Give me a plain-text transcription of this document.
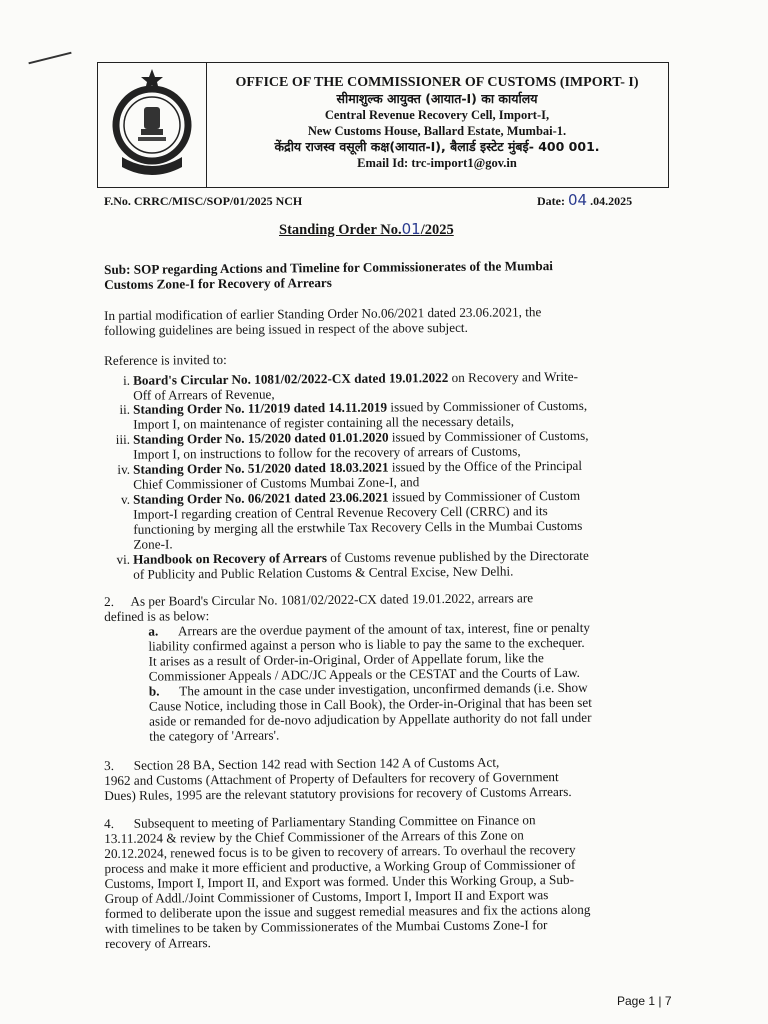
OFFICE OF THE COMMISSIONER OF CUSTOMS (IMPORT- I)
सीमाशुल्क आयुक्त (आयात-I) का कार्यालय
Central Revenue Recovery Cell, Import-I,
New Customs House, Ballard Estate, Mumbai-1.
केंद्रीय राजस्व वसूली कक्ष(आयात-I), बैलार्ड इस्टेट मुंबई- 400 001.
Email Id: trc-import1@gov.in
F.No. CRRC/MISC/SOP/01/2025 NCH	Date: 04 .04.2025
Standing Order No.01/2025
Sub: SOP regarding Actions and Timeline for Commissionerates of the Mumbai
Customs Zone-I for Recovery of Arrears
In partial modification of earlier Standing Order No.06/2021 dated 23.06.2021, the
following guidelines are being issued in respect of the above subject.
Reference is invited to:
i. Board's Circular No. 1081/02/2022-CX dated 19.01.2022 on Recovery and Write-
Off of Arrears of Revenue,
ii. Standing Order No. 11/2019 dated 14.11.2019 issued by Commissioner of Customs,
Import I, on maintenance of register containing all the necessary details,
iii. Standing Order No. 15/2020 dated 01.01.2020 issued by Commissioner of Customs,
Import I, on instructions to follow for the recovery of arrears of Customs,
iv. Standing Order No. 51/2020 dated 18.03.2021 issued by the Office of the Principal
Chief Commissioner of Customs Mumbai Zone-I, and
v. Standing Order No. 06/2021 dated 23.06.2021 issued by Commissioner of Custom
Import-I regarding creation of Central Revenue Recovery Cell (CRRC) and its
functioning by merging all the erstwhile Tax Recovery Cells in the Mumbai Customs
Zone-I.
vi. Handbook on Recovery of Arrears of Customs revenue published by the Directorate
of Publicity and Public Relation Customs & Central Excise, New Delhi.
2. As per Board's Circular No. 1081/02/2022-CX dated 19.01.2022, arrears are
defined is as below:
a. Arrears are the overdue payment of the amount of tax, interest, fine or penalty
liability confirmed against a person who is liable to pay the same to the exchequer.
It arises as a result of Order-in-Original, Order of Appellate forum, like the
Commissioner Appeals / ADC/JC Appeals or the CESTAT and the Courts of Law.
b. The amount in the case under investigation, unconfirmed demands (i.e. Show
Cause Notice, including those in Call Book), the Order-in-Original that has been set
aside or remanded for de-novo adjudication by Appellate authority do not fall under
the category of 'Arrears'.
3. Section 28 BA, Section 142 read with Section 142 A of Customs Act,
1962 and Customs (Attachment of Property of Defaulters for recovery of Government
Dues) Rules, 1995 are the relevant statutory provisions for recovery of Customs Arrears.
4. Subsequent to meeting of Parliamentary Standing Committee on Finance on
13.11.2024 & review by the Chief Commissioner of the Arrears of this Zone on
20.12.2024, renewed focus is to be given to recovery of arrears. To overhaul the recovery
process and make it more efficient and productive, a Working Group of Commissioner of
Customs, Import I, Import II, and Export was formed. Under this Working Group, a Sub-
Group of Addl./Joint Commissioner of Customs, Import I, Import II and Export was
formed to deliberate upon the issue and suggest remedial measures and fix the actions along
with timelines to be taken by Commissionerates of the Mumbai Customs Zone-I for
recovery of Arrears.
Page 1 | 7
